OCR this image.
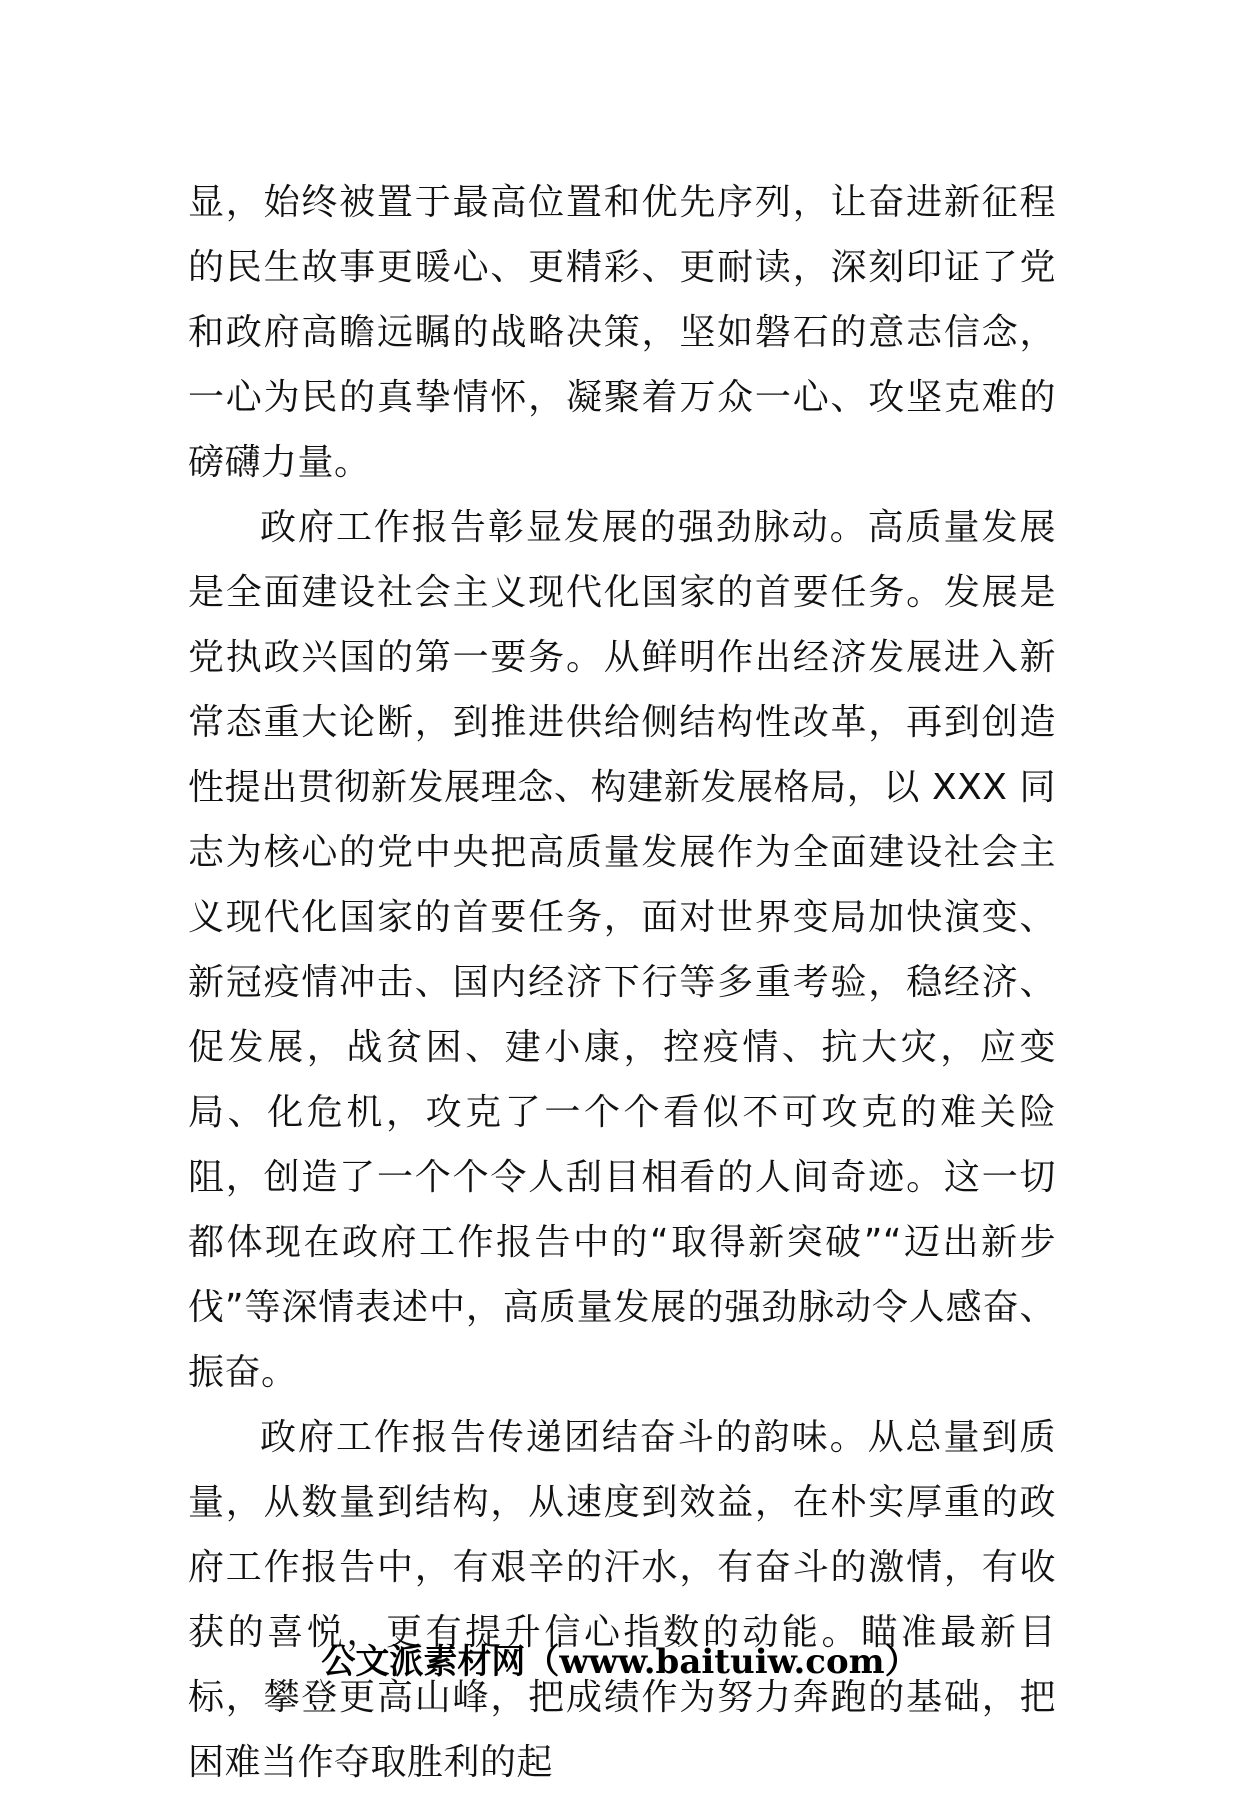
显，始终被置于最高位置和优先序列，让奋进新征程的民生故事更暖心、更精彩、更耐读，深刻印证了党和政府高瞻远瞩的战略决策，坚如磐石的意志信念，一心为民的真挚情怀，凝聚着万众一心、攻坚克难的磅礴力量。

政府工作报告彰显发展的强劲脉动。高质量发展是全面建设社会主义现代化国家的首要任务。发展是党执政兴国的第一要务。从鲜明作出经济发展进入新常态重大论断，到推进供给侧结构性改革，再到创造性提出贯彻新发展理念、构建新发展格局，以 XXX 同志为核心的党中央把高质量发展作为全面建设社会主义现代化国家的首要任务，面对世界变局加快演变、新冠疫情冲击、国内经济下行等多重考验，稳经济、促发展，战贫困、建小康，控疫情、抗大灾，应变局、化危机，攻克了一个个看似不可攻克的难关险阻，创造了一个个令人刮目相看的人间奇迹。这一切都体现在政府工作报告中的“取得新突破”“迈出新步伐”等深情表述中，高质量发展的强劲脉动令人感奋、振奋。

政府工作报告传递团结奋斗的韵味。从总量到质量，从数量到结构，从速度到效益，在朴实厚重的政府工作报告中，有艰辛的汗水，有奋斗的激情，有收获的喜悦，更有提升信心指数的动能。瞄准最新目标，攀登更高山峰，把成绩作为努力奔跑的基础，把困难当作夺取胜利的起

公文派素材网（www.baituiw.com）
